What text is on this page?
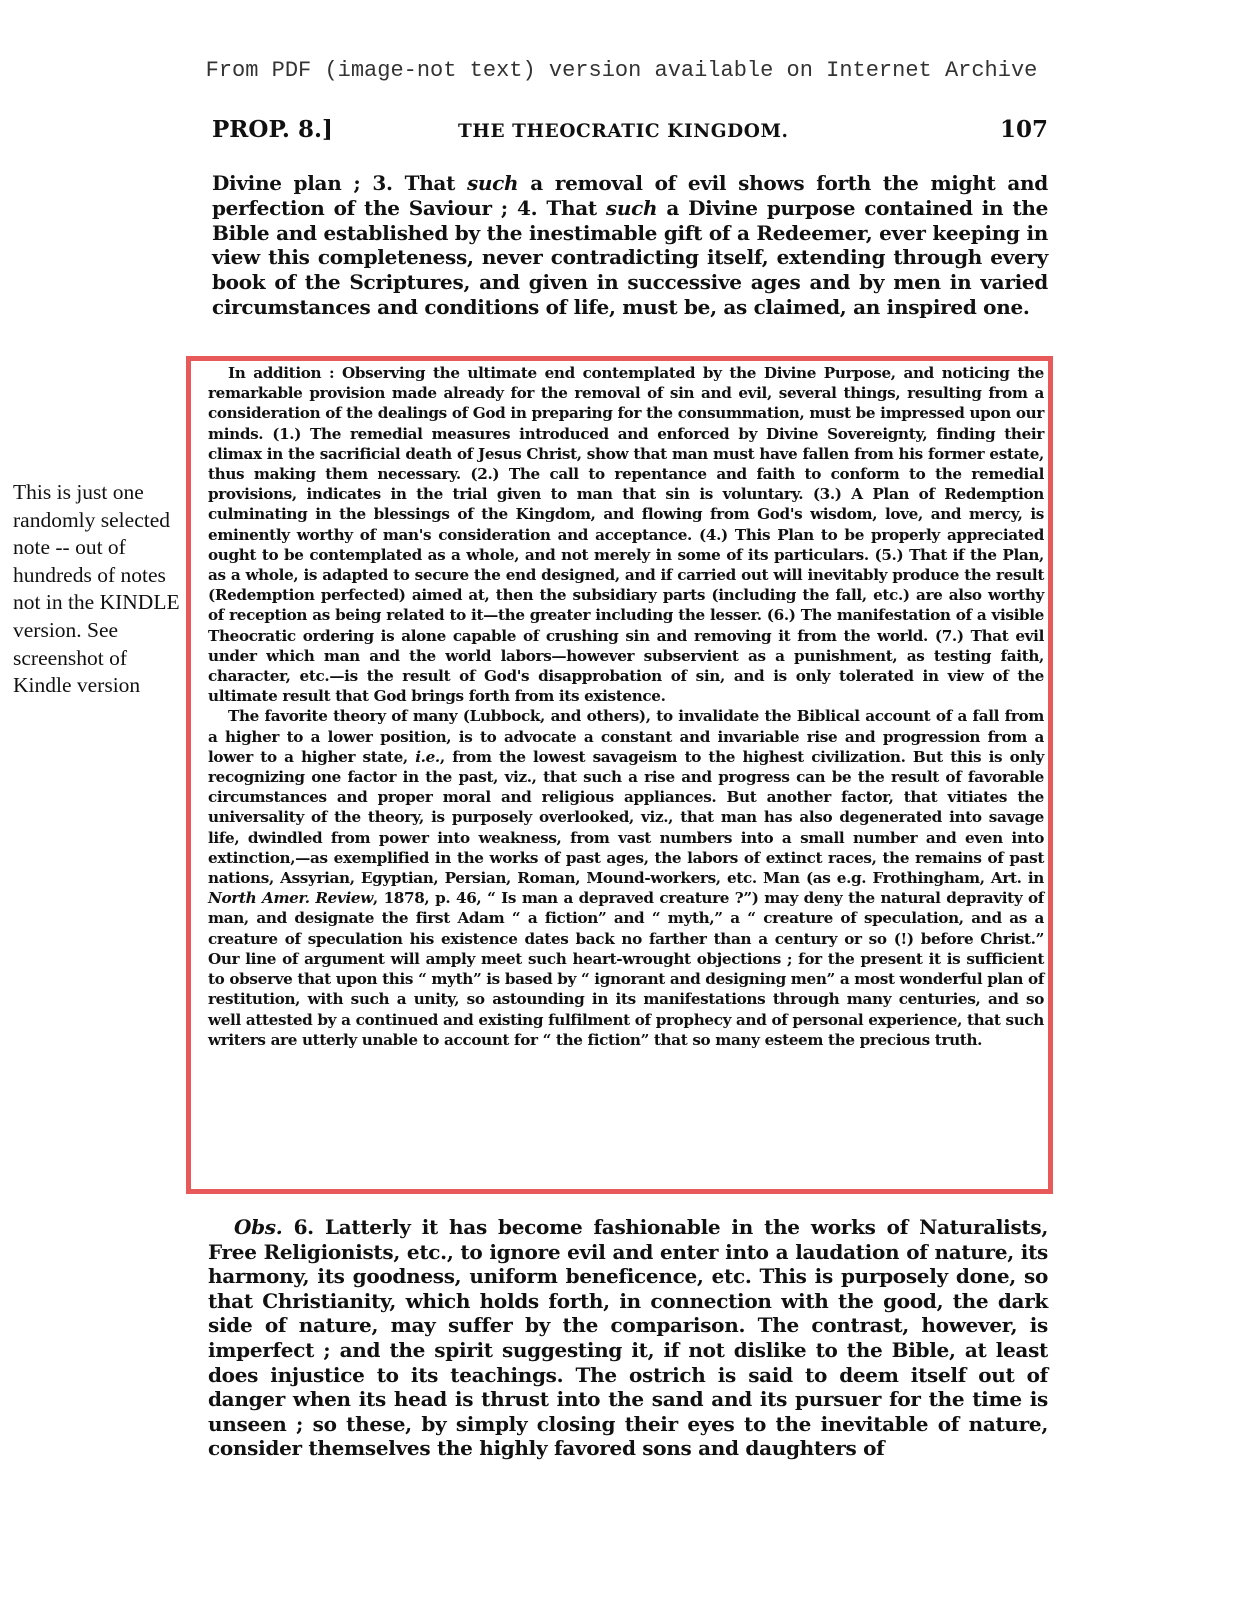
From PDF (image-not text) version available on Internet Archive
PROP. 8.]	THE THEOCRATIC KINGDOM.	107

Divine plan ; 3. That such a removal of evil shows forth the might and perfection of the Saviour ; 4. That such a Divine purpose contained in the Bible and established by the inestimable gift of a Redeemer, ever keeping in view this completeness, never contradicting itself, extending through every book of the Scriptures, and given in successive ages and by men in varied circumstances and conditions of life, must be, as claimed, an inspired one.

In addition : Observing the ultimate end contemplated by the Divine Purpose, and noticing the remarkable provision made already for the removal of sin and evil, several things, resulting from a consideration of the dealings of God in preparing for the consummation, must be impressed upon our minds. (1.) The remedial measures introduced and enforced by Divine Sovereignty, finding their climax in the sacrificial death of Jesus Christ, show that man must have fallen from his former estate, thus making them necessary. (2.) The call to repentance and faith to conform to the remedial provisions, indicates in the trial given to man that sin is voluntary. (3.) A Plan of Redemption culminating in the blessings of the Kingdom, and flowing from God's wisdom, love, and mercy, is eminently worthy of man's consideration and acceptance. (4.) This Plan to be properly appreciated ought to be contemplated as a whole, and not merely in some of its particulars. (5.) That if the Plan, as a whole, is adapted to secure the end designed, and if carried out will inevitably produce the result (Redemption perfected) aimed at, then the subsidiary parts (including the fall, etc.) are also worthy of reception as being related to it—the greater including the lesser. (6.) The manifestation of a visible Theocratic ordering is alone capable of crushing sin and removing it from the world. (7.) That evil under which man and the world labors—however subservient as a punishment, as testing faith, character, etc.—is the result of God's disapprobation of sin, and is only tolerated in view of the ultimate result that God brings forth from its existence.

The favorite theory of many (Lubbock, and others), to invalidate the Biblical account of a fall from a higher to a lower position, is to advocate a constant and invariable rise and progression from a lower to a higher state, i.e., from the lowest savageism to the highest civilization. But this is only recognizing one factor in the past, viz., that such a rise and progress can be the result of favorable circumstances and proper moral and religious appliances. But another factor, that vitiates the universality of the theory, is purposely overlooked, viz., that man has also degenerated into savage life, dwindled from power into weakness, from vast numbers into a small number and even into extinction,—as exemplified in the works of past ages, the labors of extinct races, the remains of past nations, Assyrian, Egyptian, Persian, Roman, Mound-workers, etc. Man (as e.g. Frothingham, Art. in North Amer. Review, 1878, p. 46, “ Is man a depraved creature ?”) may deny the natural depravity of man, and designate the first Adam “ a fiction” and “ myth,” a “ creature of speculation, and as a creature of speculation his existence dates back no farther than a century or so (!) before Christ.” Our line of argument will amply meet such heart-wrought objections ; for the present it is sufficient to observe that upon this “ myth” is based by “ ignorant and designing men” a most wonderful plan of restitution, with such a unity, so astounding in its manifestations through many centuries, and so well attested by a continued and existing fulfilment of prophecy and of personal experience, that such writers are utterly unable to account for “ the fiction” that so many esteem the precious truth.

This is just one randomly selected note -- out of hundreds of notes not in the KINDLE version. See screenshot of Kindle version

Obs. 6. Latterly it has become fashionable in the works of Naturalists, Free Religionists, etc., to ignore evil and enter into a laudation of nature, its harmony, its goodness, uniform beneficence, etc. This is purposely done, so that Christianity, which holds forth, in connection with the good, the dark side of nature, may suffer by the comparison. The contrast, however, is imperfect ; and the spirit suggesting it, if not dislike to the Bible, at least does injustice to its teachings. The ostrich is said to deem itself out of danger when its head is thrust into the sand and its pursuer for the time is unseen ; so these, by simply closing their eyes to the inevitable of nature, consider themselves the highly favored sons and daughters of
